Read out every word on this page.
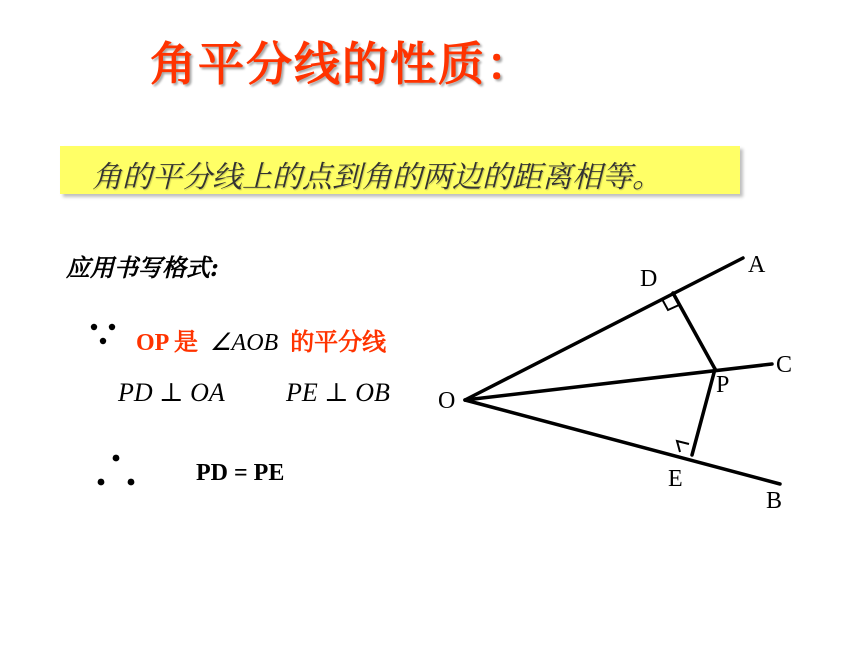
角平分线的性质：
角的平分线上的点到角的两边的距离相等。
应用书写格式:
OP 是 ∠AOB 的平分线
PD ⊥ OA PE ⊥ OB
PD = PE
O
A
B
C
D
E
P
